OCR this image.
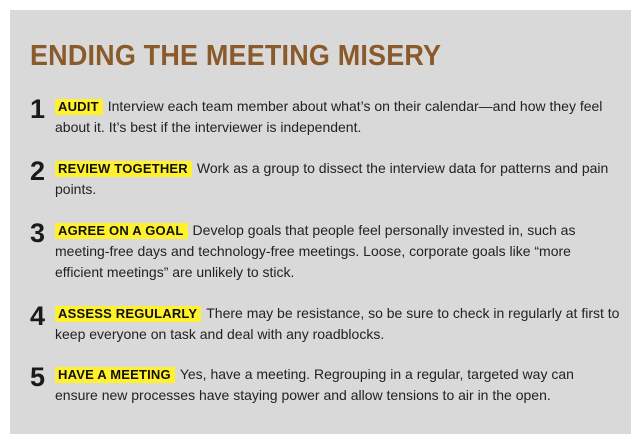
ENDING THE MEETING MISERY
1 AUDIT Interview each team member about what’s on their calendar—and how they feel about it. It’s best if the interviewer is independent.
2 REVIEW TOGETHER Work as a group to dissect the interview data for patterns and pain points.
3 AGREE ON A GOAL Develop goals that people feel personally invested in, such as meeting-free days and technology-free meetings. Loose, corporate goals like “more efficient meetings” are unlikely to stick.
4 ASSESS REGULARLY There may be resistance, so be sure to check in regularly at first to keep everyone on task and deal with any roadblocks.
5 HAVE A MEETING Yes, have a meeting. Regrouping in a regular, targeted way can ensure new processes have staying power and allow tensions to air in the open.
